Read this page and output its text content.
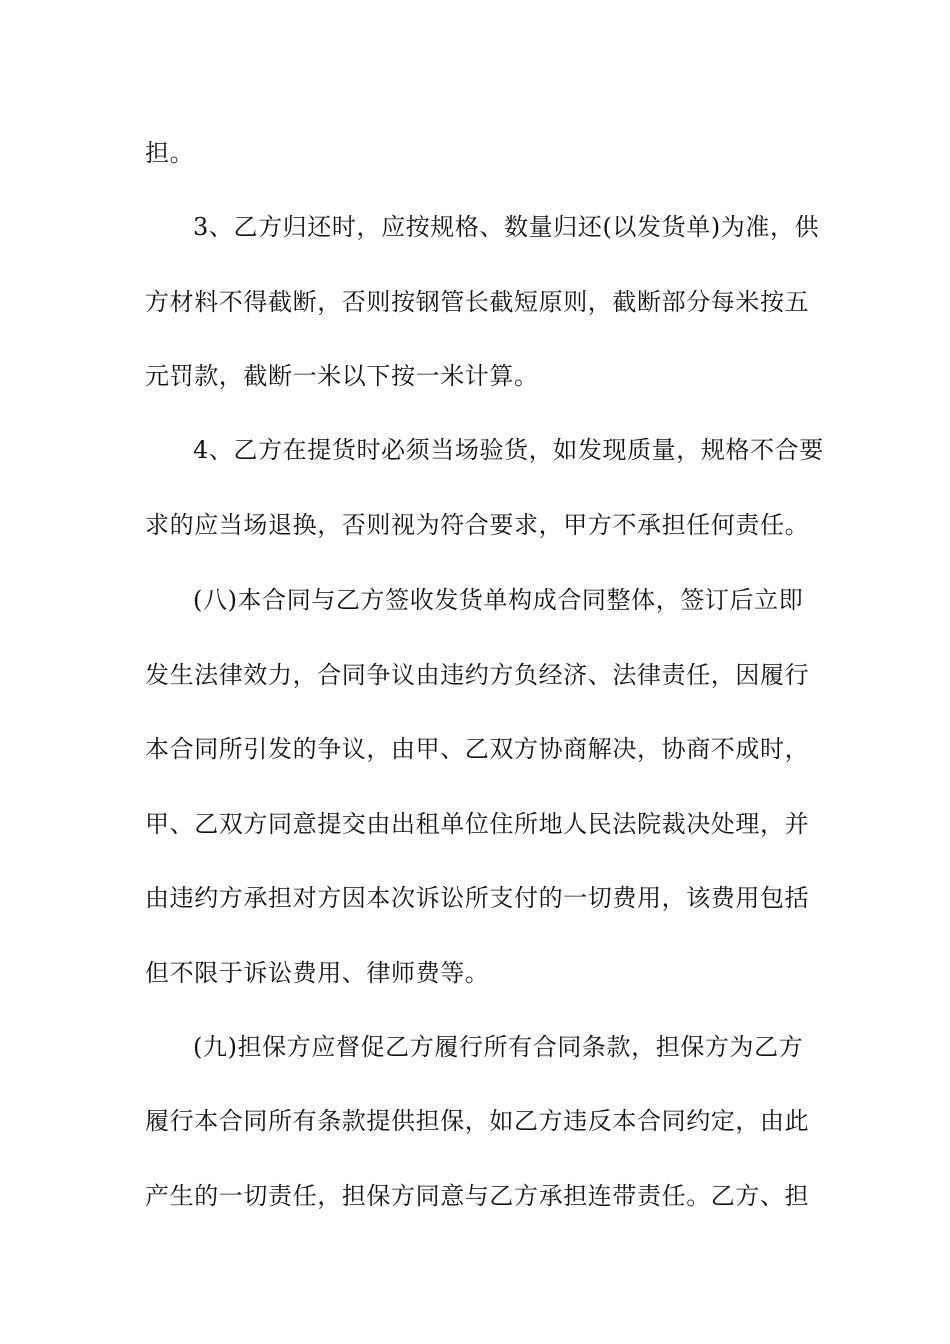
担。
3、乙方归还时，应按规格、数量归还(以发货单)为准，供
方材料不得截断，否则按钢管长截短原则，截断部分每米按五
元罚款，截断一米以下按一米计算。
4、乙方在提货时必须当场验货，如发现质量，规格不合要
求的应当场退换，否则视为符合要求，甲方不承担任何责任。
(八)本合同与乙方签收发货单构成合同整体，签订后立即
发生法律效力，合同争议由违约方负经济、法律责任，因履行
本合同所引发的争议，由甲、乙双方协商解决，协商不成时，
甲、乙双方同意提交由出租单位住所地人民法院裁决处理，并
由违约方承担对方因本次诉讼所支付的一切费用，该费用包括
但不限于诉讼费用、律师费等。
(九)担保方应督促乙方履行所有合同条款，担保方为乙方
履行本合同所有条款提供担保，如乙方违反本合同约定，由此
产生的一切责任，担保方同意与乙方承担连带责任。乙方、担
